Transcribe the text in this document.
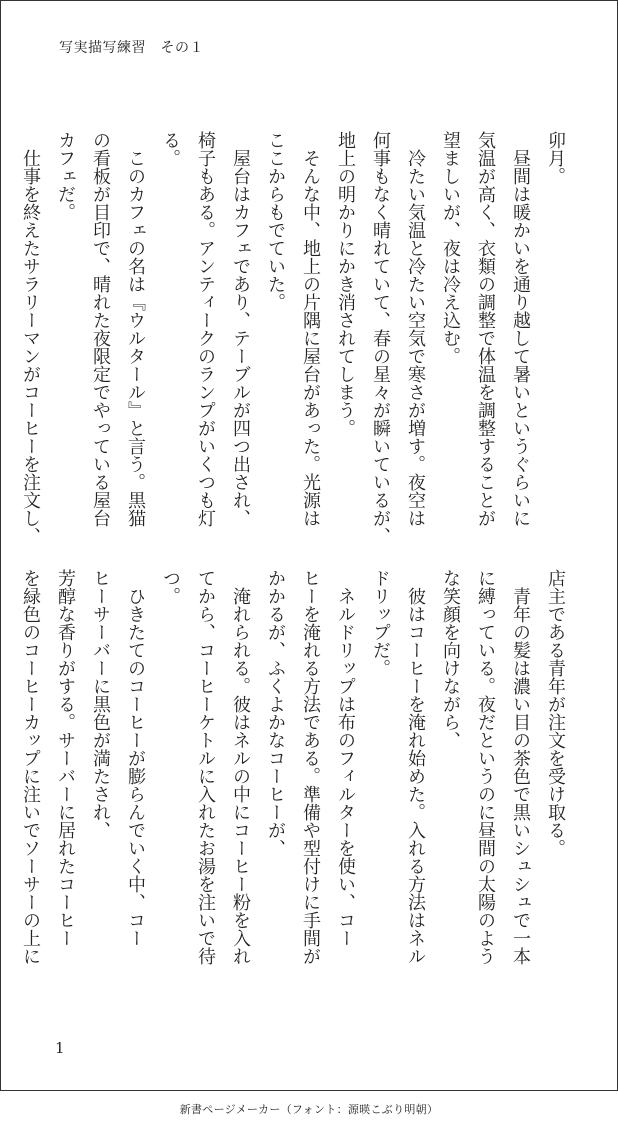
写実描写練習　その１
卯月。
　昼間は暖かいを通り越して暑いというぐらいに
気温が高く、衣類の調整で体温を調整することが
望ましいが、夜は冷え込む。
　冷たい気温と冷たい空気で寒さが増す。夜空は
何事もなく晴れていて、春の星々が瞬いているが、
地上の明かりにかき消されてしまう。
　そんな中、地上の片隅に屋台があった。光源は
ここからもでていた。
　屋台はカフェであり、テーブルが四つ出され、
椅子もある。アンティークのランプがいくつも灯
る。
　このカフェの名は『ウルタール』と言う。黒猫
の看板が目印で、晴れた夜限定でやっている屋台
カフェだ。
　仕事を終えたサラリーマンがコーヒーを注文し、
店主である青年が注文を受け取る。
　青年の髪は濃い目の茶色で黒いシュシュで一本
に縛っている。夜だというのに昼間の太陽のよう
な笑顔を向けながら、
　彼はコーヒーを淹れ始めた。入れる方法はネル
ドリップだ。
　ネルドリップは布のフィルターを使い、コー
ヒーを淹れる方法である。準備や型付けに手間が
かかるが、ふくよかなコーヒーが、
　淹れられる。彼はネルの中にコーヒー粉を入れ
てから、コーヒーケトルに入れたお湯を注いで待
つ。
　ひきたてのコーヒーが膨らんでいく中、コー
ヒーサーバーに黒色が満たされ、
芳醇な香りがする。サーバーに居れたコーヒー
を緑色のコーヒーカップに注いでソーサーの上に
1
新書ページメーカー（フォント：源暎こぶり明朝）
